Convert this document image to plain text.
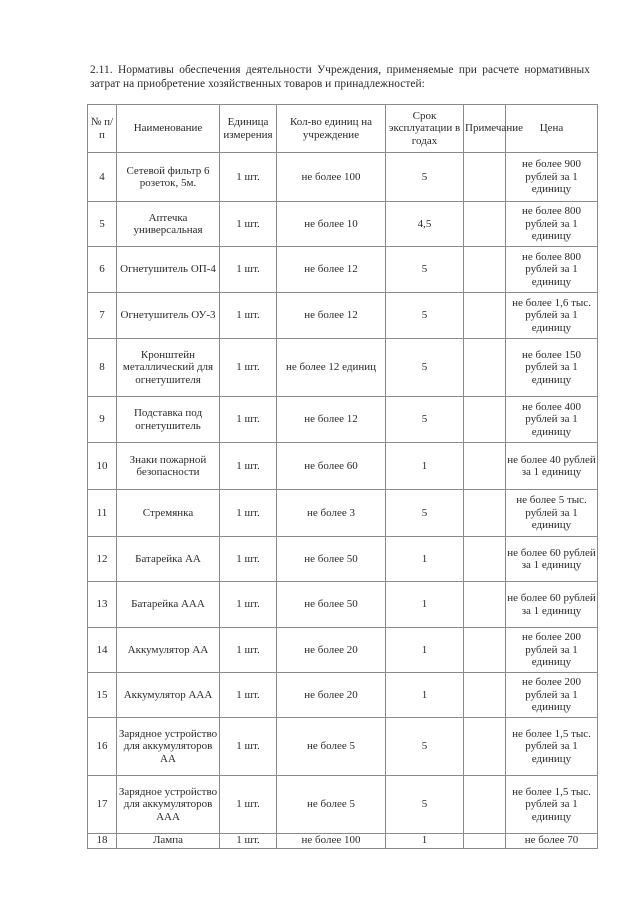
2.11. Нормативы обеспечения деятельности Учреждения, применяемые при расчете нормативных затрат на приобретение хозяйственных товаров и принадлежностей:
№ п/п	Наименование	Единица измерения	Кол-во единиц на учреждение	Срок эксплуатации в годах	Примечание	Цена
4	Сетевой фильтр 6 розеток, 5м.	1 шт.	не более 100	5		не более 900 рублей за 1 единицу
5	Аптечка универсальная	1 шт.	не более 10	4,5		не более 800 рублей за 1 единицу
6	Огнетушитель ОП-4	1 шт.	не более 12	5		не более 800 рублей за 1 единицу
7	Огнетушитель ОУ-3	1 шт.	не более 12	5		не более 1,6 тыс. рублей за 1 единицу
8	Кронштейн металлический для огнетушителя	1 шт.	не более 12 единиц	5		не более 150 рублей за 1 единицу
9	Подставка под огнетушитель	1 шт.	не более 12	5		не более 400 рублей за 1 единицу
10	Знаки пожарной безопасности	1 шт.	не более 60	1		не более 40 рублей за 1 единицу
11	Стремянка	1 шт.	не более 3	5		не более 5 тыс. рублей за 1 единицу
12	Батарейка АА	1 шт.	не более 50	1		не более 60 рублей за 1 единицу
13	Батарейка ААА	1 шт.	не более 50	1		не более 60 рублей за 1 единицу
14	Аккумулятор АА	1 шт.	не более 20	1		не более 200 рублей за 1 единицу
15	Аккумулятор ААА	1 шт.	не более 20	1		не более 200 рублей за 1 единицу
16	Зарядное устройство для аккумуляторов АА	1 шт.	не более 5	5		не более 1,5 тыс. рублей за 1 единицу
17	Зарядное устройство для аккумуляторов ААА	1 шт.	не более 5	5		не более 1,5 тыс. рублей за 1 единицу
18	Лампа	1 шт.	не более 100	1		не более 70
